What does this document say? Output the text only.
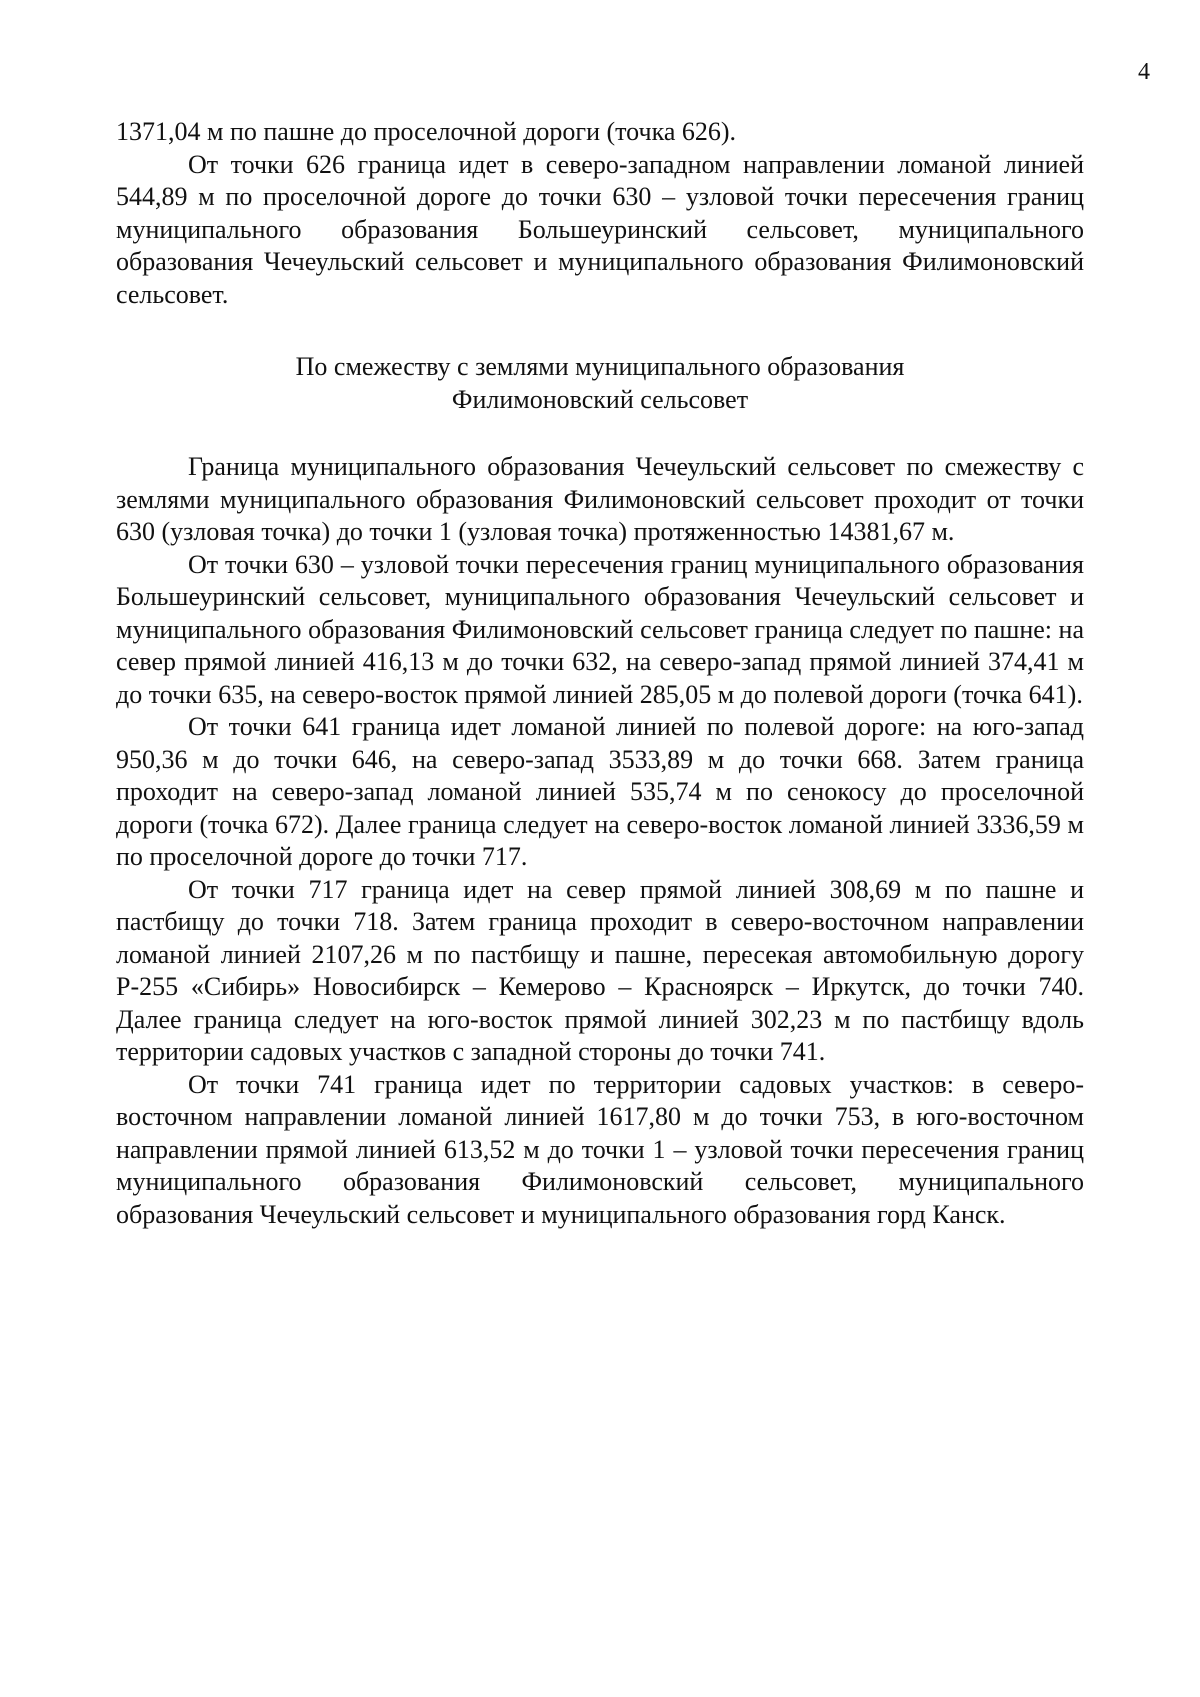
4

1371,04 м по пашне до проселочной дороги (точка 626).

От точки 626 граница идет в северо-западном направлении ломаной линией 544,89 м по проселочной дороге до точки 630 – узловой точки пересечения границ муниципального образования Большеуринский сельсовет, муниципального образования Чечеульский сельсовет и муниципального образования Филимоновский сельсовет.

По смежеству с землями муниципального образования

Филимоновский сельсовет

Граница муниципального образования Чечеульский сельсовет по смежеству с землями муниципального образования Филимоновский сельсовет проходит от точки 630 (узловая точка) до точки 1 (узловая точка) протяженностью 14381,67 м.

От точки 630 – узловой точки пересечения границ муниципального образования Большеуринский сельсовет, муниципального образования Чечеульский сельсовет и муниципального образования Филимоновский сельсовет граница следует по пашне: на север прямой линией 416,13 м до точки 632, на северо-запад прямой линией 374,41 м до точки 635, на северо-восток прямой линией 285,05 м до полевой дороги (точка 641).

От точки 641 граница идет ломаной линией по полевой дороге: на юго-запад 950,36 м до точки 646, на северо-запад 3533,89 м до точки 668. Затем граница проходит на северо-запад ломаной линией 535,74 м по сенокосу до проселочной дороги (точка 672). Далее граница следует на северо-восток ломаной линией 3336,59 м по проселочной дороге до точки 717.

От точки 717 граница идет на север прямой линией 308,69 м по пашне и пастбищу до точки 718. Затем граница проходит в северо-восточном направлении ломаной линией 2107,26 м по пастбищу и пашне, пересекая автомобильную дорогу Р-255 «Сибирь» Новосибирск – Кемерово – Красноярск – Иркутск, до точки 740. Далее граница следует на юго-восток прямой линией 302,23 м по пастбищу вдоль территории садовых участков с западной стороны до точки 741.

От точки 741 граница идет по территории садовых участков: в северо-восточном направлении ломаной линией 1617,80 м до точки 753, в юго-восточном направлении прямой линией 613,52 м до точки 1 – узловой точки пересечения границ муниципального образования Филимоновский сельсовет, муниципального образования Чечеульский сельсовет и муниципального образования горд Канск.
